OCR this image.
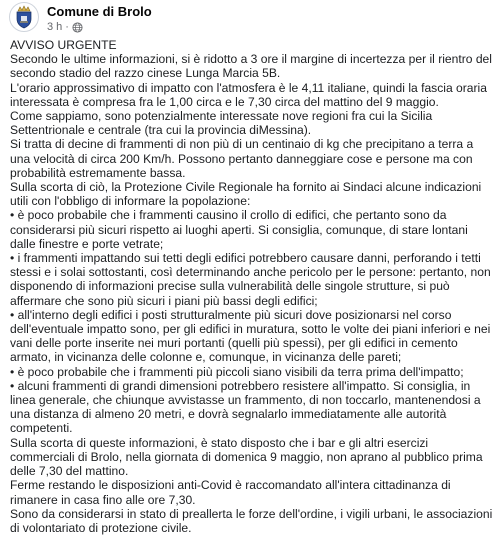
Comune di Brolo
3 h ·

AVVISO URGENTE

Secondo le ultime informazioni, si è ridotto a 3 ore il margine di incertezza per il rientro del secondo stadio del razzo cinese Lunga Marcia 5B.

L'orario approssimativo di impatto con l'atmosfera è le 4,11 italiane, quindi la fascia oraria interessata è compresa fra le 1,00 circa e le 7,30 circa del mattino del 9 maggio.

Come sappiamo, sono potenzialmente interessate nove regioni fra cui la Sicilia Settentrionale e centrale (tra cui la provincia diMessina).

Si tratta di decine di frammenti di non più di un centinaio di kg che precipitano a terra a una velocità di circa 200 Km/h. Possono pertanto danneggiare cose e persone ma con probabilità estremamente bassa.

Sulla scorta di ciò, la Protezione Civile Regionale ha fornito ai Sindaci alcune indicazioni utili con l'obbligo di informare la popolazione:

• è poco probabile che i frammenti causino il crollo di edifici, che pertanto sono da considerarsi più sicuri rispetto ai luoghi aperti. Si consiglia, comunque, di stare lontani dalle finestre e porte vetrate;

• i frammenti impattando sui tetti degli edifici potrebbero causare danni, perforando i tetti stessi e i solai sottostanti, così determinando anche pericolo per le persone: pertanto, non disponendo di informazioni precise sulla vulnerabilità delle singole strutture, si può affermare che sono più sicuri i piani più bassi degli edifici;

• all'interno degli edifici i posti strutturalmente più sicuri dove posizionarsi nel corso dell'eventuale impatto sono, per gli edifici in muratura, sotto le volte dei piani inferiori e nei vani delle porte inserite nei muri portanti (quelli più spessi), per gli edifici in cemento armato, in vicinanza delle colonne e, comunque, in vicinanza delle pareti;

• è poco probabile che i frammenti più piccoli siano visibili da terra prima dell'impatto;

• alcuni frammenti di grandi dimensioni potrebbero resistere all'impatto. Si consiglia, in linea generale, che chiunque avvistasse un frammento, di non toccarlo, mantenendosi a una distanza di almeno 20 metri, e dovrà segnalarlo immediatamente alle autorità competenti.

Sulla scorta di queste informazioni, è stato disposto che i bar e gli altri esercizi commerciali di Brolo, nella giornata di domenica 9 maggio, non aprano al pubblico prima delle 7,30 del mattino.

Ferme restando le disposizioni anti-Covid è raccomandato all'intera cittadinanza di rimanere in casa fino alle ore 7,30.

Sono da considerarsi in stato di preallerta le forze dell'ordine, i vigili urbani, le associazioni di volontariato di protezione civile.
